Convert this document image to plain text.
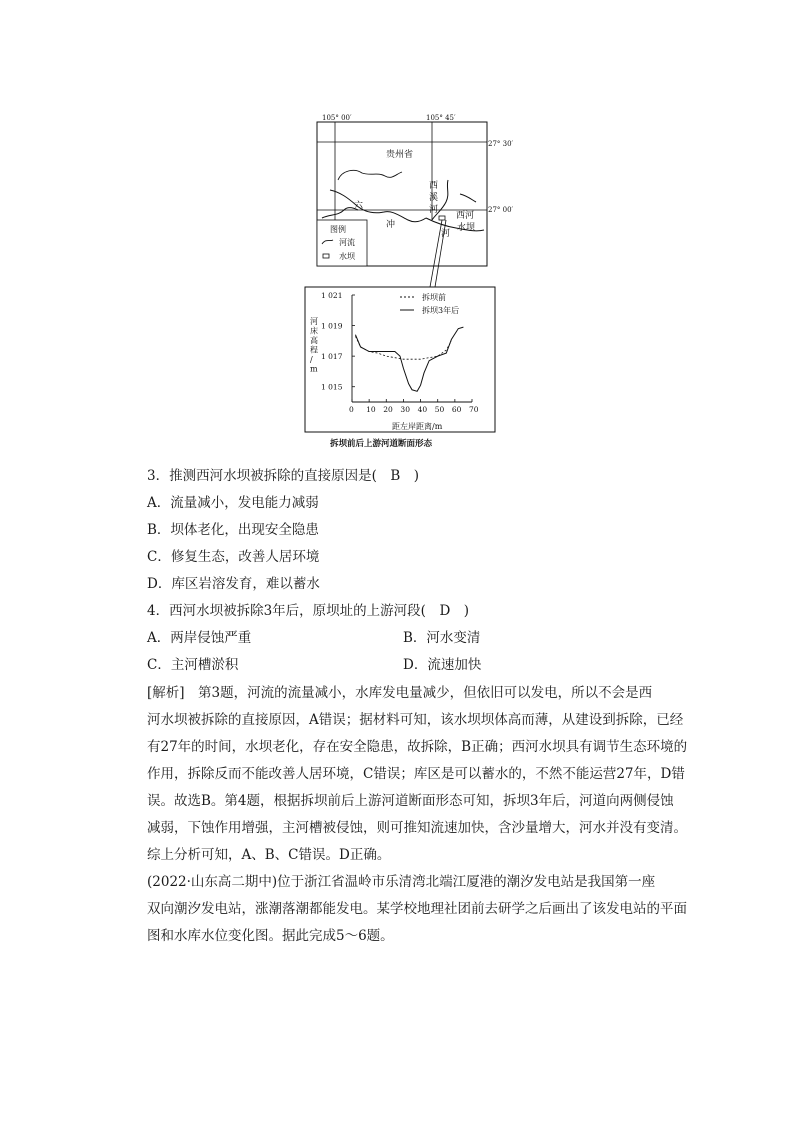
105° 00′	105° 45′
27° 30′
27° 00′
贵州省
西
溪
河
六
冲
河
西河
水坝
图例
河流
水坝
0 10 20 30 40 50 60 70
1 015
1 017
1 019
1 021
河床高程/ m
距左岸距离/m
拆坝前
拆坝3年后
拆坝前后上游河道断面形态
3．推测西河水坝被拆除的直接原因是(　B　)
A．流量减小，发电能力减弱
B．坝体老化，出现安全隐患
C．修复生态，改善人居环境
D．库区岩溶发育，难以蓄水
4．西河水坝被拆除3年后，原坝址的上游河段(　D　)
A．两岸侵蚀严重	B．河水变清
C．主河槽淤积	D．流速加快

[解析]　第3题，河流的流量减小，水库发电量减少，但依旧可以发电，所以不会是西

河水坝被拆除的直接原因，A错误；据材料可知，该水坝坝体高而薄，从建设到拆除，已经

有27年的时间，水坝老化，存在安全隐患，故拆除，B正确；西河水坝具有调节生态环境的

作用，拆除反而不能改善人居环境，C错误；库区是可以蓄水的，不然不能运营27年，D错

误。故选B。第4题，根据拆坝前后上游河道断面形态可知，拆坝3年后，河道向两侧侵蚀

减弱，下蚀作用增强，主河槽被侵蚀，则可推知流速加快，含沙量增大，河水并没有变清。

综上分析可知，A、B、C错误。D正确。

(2022·山东高二期中)位于浙江省温岭市乐清湾北端江厦港的潮汐发电站是我国第一座

双向潮汐发电站，涨潮落潮都能发电。某学校地理社团前去研学之后画出了该发电站的平面

图和水库水位变化图。据此完成5～6题。
